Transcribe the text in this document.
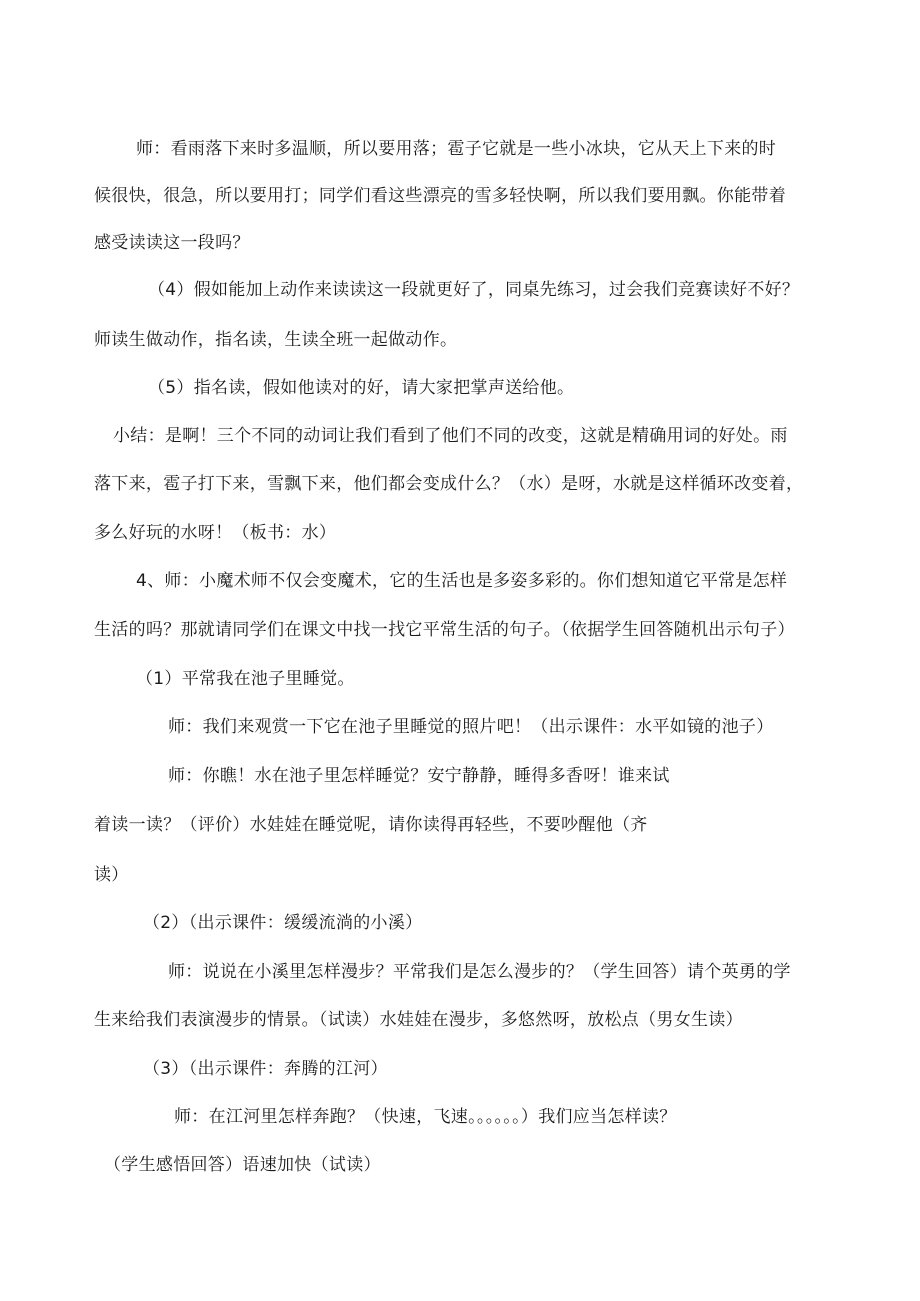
师：看雨落下来时多温顺，所以要用落；雹子它就是一些小冰块，它从天上下来的时

候很快，很急，所以要用打；同学们看这些漂亮的雪多轻快啊，所以我们要用飘。你能带着

感受读读这一段吗？

（4）假如能加上动作来读读这一段就更好了，同桌先练习，过会我们竞赛读好不好？

师读生做动作，指名读，生读全班一起做动作。

（5）指名读，假如他读对的好，请大家把掌声送给他。

小结：是啊！三个不同的动词让我们看到了他们不同的改变，这就是精确用词的好处。雨

落下来，雹子打下来，雪飘下来，他们都会变成什么？（水）是呀，水就是这样循环改变着，

多么好玩的水呀！（板书：水）

4、师：小魔术师不仅会变魔术，它的生活也是多姿多彩的。你们想知道它平常是怎样

生活的吗？那就请同学们在课文中找一找它平常生活的句子。（依据学生回答随机出示句子）

（1）平常我在池子里睡觉。

师：我们来观赏一下它在池子里睡觉的照片吧！（出示课件：水平如镜的池子）

师：你瞧！水在池子里怎样睡觉？安宁静静，睡得多香呀！谁来试

着读一读？（评价）水娃娃在睡觉呢，请你读得再轻些，不要吵醒他（齐

读）

（2）（出示课件：缓缓流淌的小溪）

师：说说在小溪里怎样漫步？平常我们是怎么漫步的？（学生回答）请个英勇的学

生来给我们表演漫步的情景。（试读）水娃娃在漫步，多悠然呀，放松点（男女生读）

（3）（出示课件：奔腾的江河）

师：在江河里怎样奔跑？（快速，飞速。。。。。。）我们应当怎样读？

（学生感悟回答）语速加快（试读）
